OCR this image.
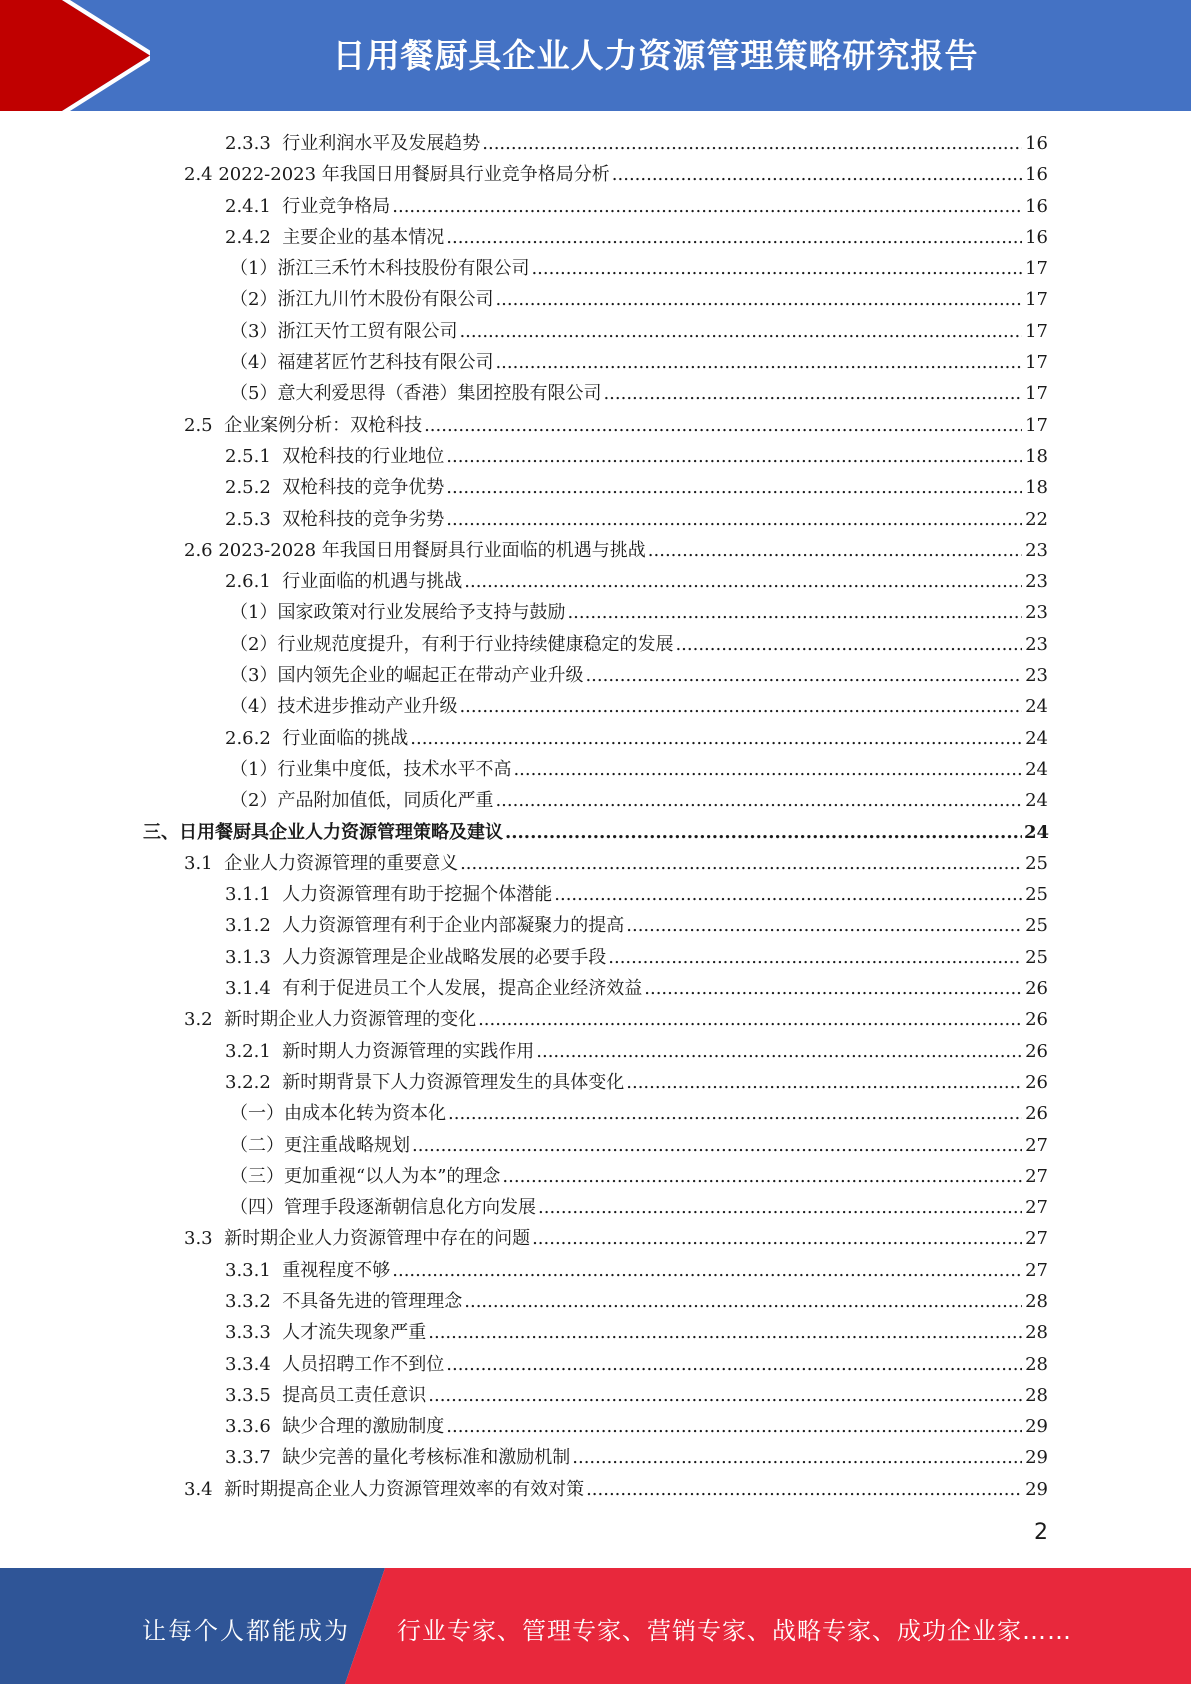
日用餐厨具企业人力资源管理策略研究报告
2.3.3  行业利润水平及发展趋势 .....	16
2.4 2022-2023 年我国日用餐厨具行业竞争格局分析 .....	16
2.4.1  行业竞争格局 .....	16
2.4.2  主要企业的基本情况 .....	16
（1）浙江三禾竹木科技股份有限公司 .....	17
（2）浙江九川竹木股份有限公司 .....	17
（3）浙江天竹工贸有限公司 .....	17
（4）福建茗匠竹艺科技有限公司 .....	17
（5）意大利爱思得（香港）集团控股有限公司 .....	17
2.5  企业案例分析：双枪科技 .....	17
2.5.1  双枪科技的行业地位 .....	18
2.5.2  双枪科技的竞争优势 .....	18
2.5.3  双枪科技的竞争劣势 .....	22
2.6 2023-2028 年我国日用餐厨具行业面临的机遇与挑战 .....	23
2.6.1  行业面临的机遇与挑战 .....	23
（1）国家政策对行业发展给予支持与鼓励 .....	23
（2）行业规范度提升，有利于行业持续健康稳定的发展 .....	23
（3）国内领先企业的崛起正在带动产业升级 .....	23
（4）技术进步推动产业升级 .....	24
2.6.2  行业面临的挑战 .....	24
（1）行业集中度低，技术水平不高 .....	24
（2）产品附加值低，同质化严重 .....	24
三、日用餐厨具企业人力资源管理策略及建议 .....	24
3.1  企业人力资源管理的重要意义 .....	25
3.1.1  人力资源管理有助于挖掘个体潜能 .....	25
3.1.2  人力资源管理有利于企业内部凝聚力的提高 .....	25
3.1.3  人力资源管理是企业战略发展的必要手段 .....	25
3.1.4  有利于促进员工个人发展，提高企业经济效益 .....	26
3.2  新时期企业人力资源管理的变化 .....	26
3.2.1  新时期人力资源管理的实践作用 .....	26
3.2.2  新时期背景下人力资源管理发生的具体变化 .....	26
（一）由成本化转为资本化 .....	26
（二）更注重战略规划 .....	27
（三）更加重视“以人为本”的理念 .....	27
（四）管理手段逐渐朝信息化方向发展 .....	27
3.3  新时期企业人力资源管理中存在的问题 .....	27
3.3.1  重视程度不够 .....	27
3.3.2  不具备先进的管理理念 .....	28
3.3.3  人才流失现象严重 .....	28
3.3.4  人员招聘工作不到位 .....	28
3.3.5  提高员工责任意识 .....	28
3.3.6  缺少合理的激励制度 .....	29
3.3.7  缺少完善的量化考核标准和激励机制 .....	29
3.4  新时期提高企业人力资源管理效率的有效对策 .....	29
2
让每个人都能成为 行业专家、管理专家、营销专家、战略专家、成功企业家……
